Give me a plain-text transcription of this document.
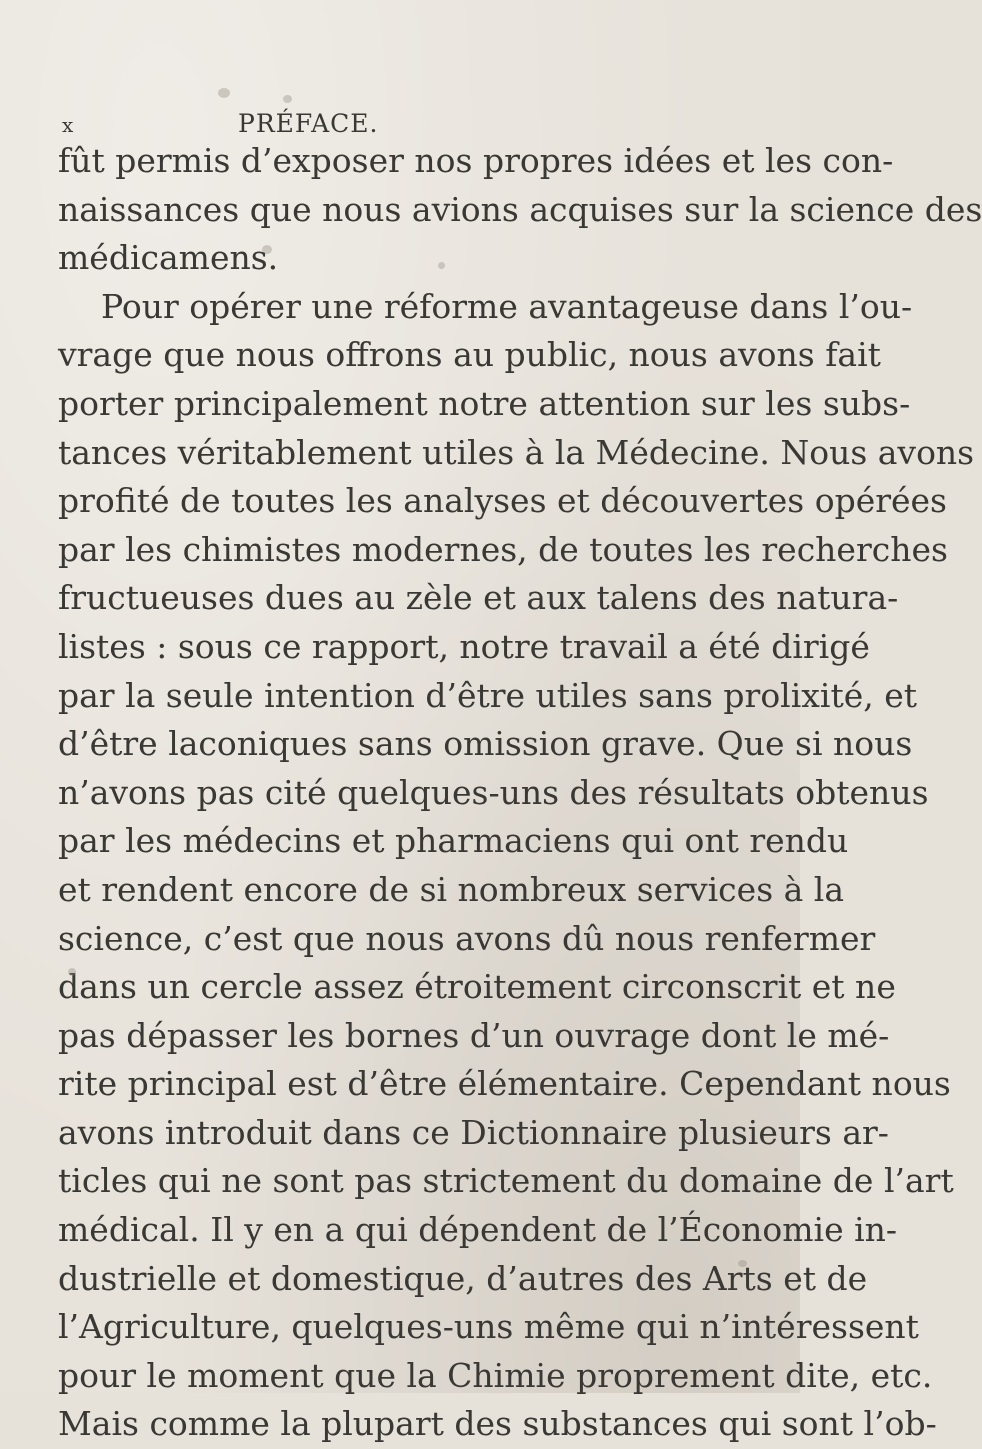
x	PRÉFACE.
fût permis d’exposer nos propres idées et les con-
naissances que nous avions acquises sur la science des
médicamens.
Pour opérer une réforme avantageuse dans l’ou-
vrage que nous offrons au public, nous avons fait
porter principalement notre attention sur les subs-
tances véritablement utiles à la Médecine. Nous avons
profité de toutes les analyses et découvertes opérées
par les chimistes modernes, de toutes les recherches
fructueuses dues au zèle et aux talens des natura-
listes : sous ce rapport, notre travail a été dirigé
par la seule intention d’être utiles sans prolixité, et
d’être laconiques sans omission grave. Que si nous
n’avons pas cité quelques-uns des résultats obtenus
par les médecins et pharmaciens qui ont rendu
et rendent encore de si nombreux services à la
science, c’est que nous avons dû nous renfermer
dans un cercle assez étroitement circonscrit et ne
pas dépasser les bornes d’un ouvrage dont le mé-
rite principal est d’être élémentaire. Cependant nous
avons introduit dans ce Dictionnaire plusieurs ar-
ticles qui ne sont pas strictement du domaine de l’art
médical. Il y en a qui dépendent de l’Économie in-
dustrielle et domestique, d’autres des Arts et de
l’Agriculture, quelques-uns même qui n’intéressent
pour le moment que la Chimie proprement dite, etc.
Mais comme la plupart des substances qui sont l’ob-
